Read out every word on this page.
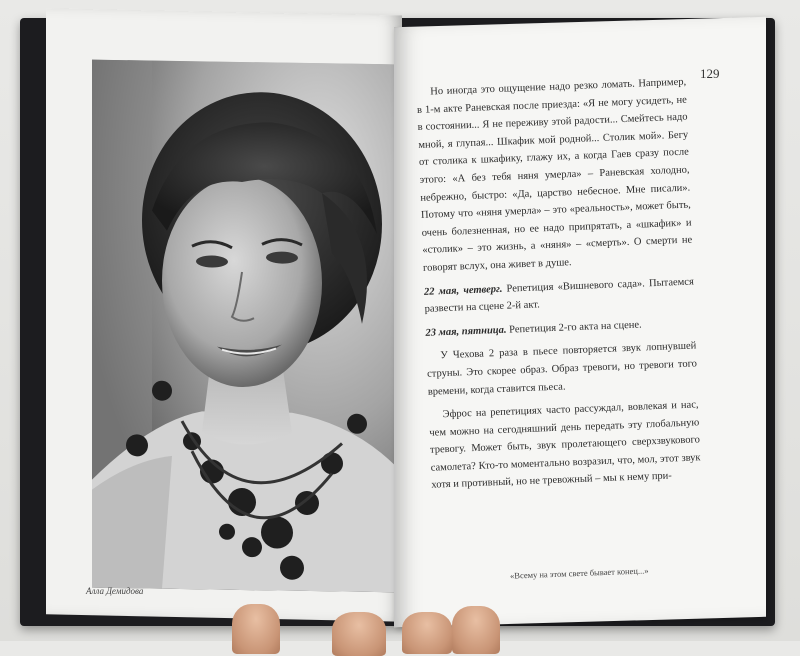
Алла Демидова
129

Но иногда это ощущение надо резко ломать. Например, в 1-м акте Раневская после приезда: «Я не могу усидеть, не в состоянии... Я не переживу этой радости... Смейтесь надо мной, я глупая... Шкафик мой родной... Столик мой». Бегу от столика к шкафику, глажу их, а когда Гаев сразу после этого: «А без тебя няня умерла» – Раневская холодно, небрежно, быстро: «Да, царство небесное. Мне писали». Потому что «няня умерла» – это «реальность», может быть, очень болезненная, но ее надо припрятать, а «шкафик» и «столик» – это жизнь, а «няня» – «смерть». О смерти не говорят вслух, она живет в душе.

22 мая, четверг. Репетиция «Вишневого сада». Пытаемся развести на сцене 2-й акт.

23 мая, пятница. Репетиция 2-го акта на сцене.

У Чехова 2 раза в пьесе повторяется звук лопнувшей струны. Это скорее образ. Образ тревоги, но тревоги того времени, когда ставится пьеса.

Эфрос на репетициях часто рассуждал, вовлекая и нас, чем можно на сегодняшний день передать эту глобальную тревогу. Может быть, звук пролетающего сверхзвукового самолета? Кто-то моментально возразил, что, мол, этот звук хотя и противный, но не тревожный – мы к нему при-

«Всему на этом свете бывает конец...»
